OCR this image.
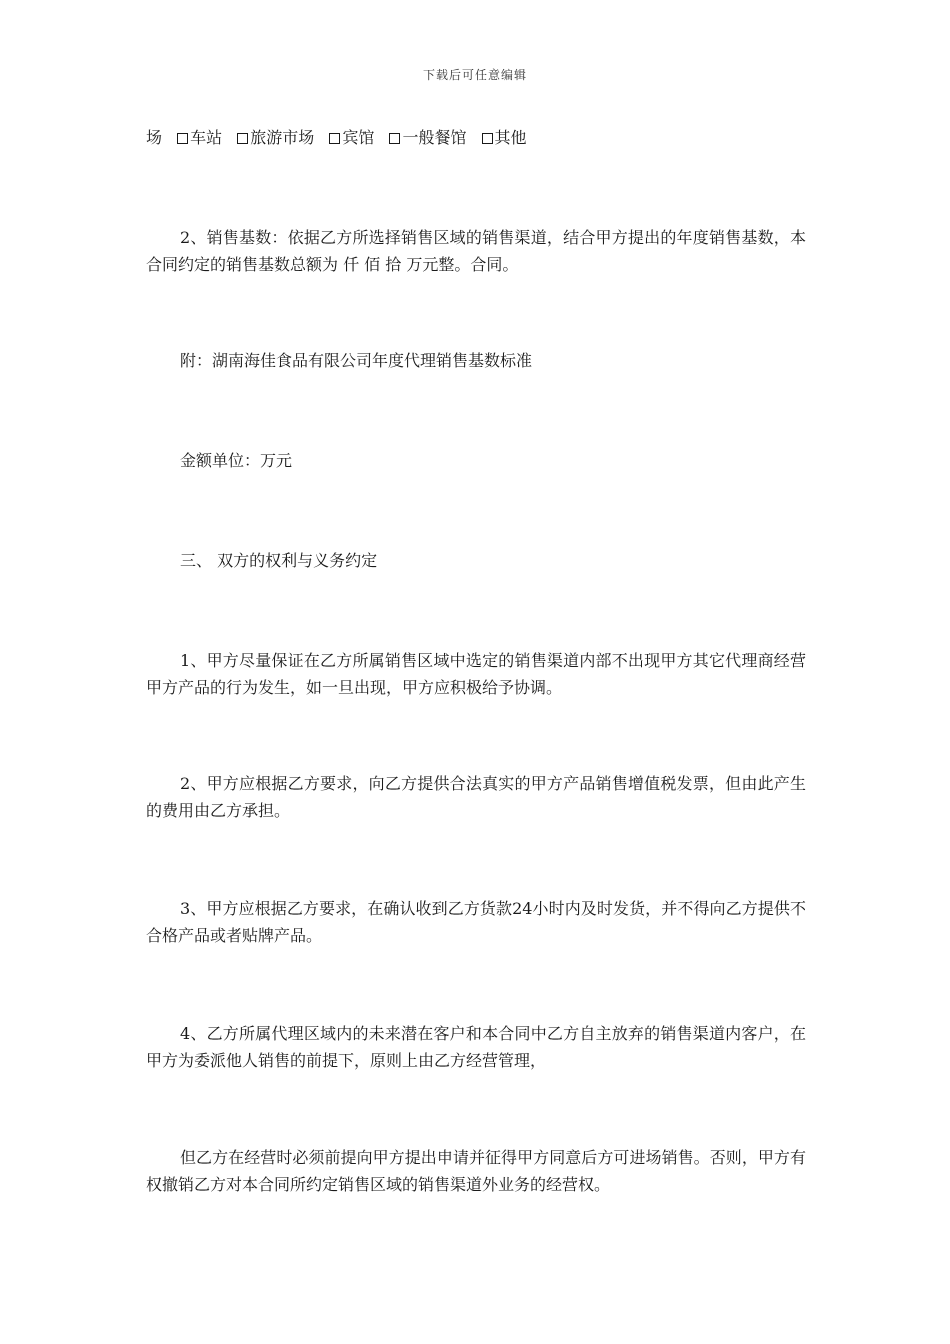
下载后可任意编辑
场 车站 旅游市场 宾馆 一般餐馆 其他
2、销售基数：依据乙方所选择销售区域的销售渠道，结合甲方提出的年度销售基数，本合同约定的销售基数总额为 仟 佰 拾 万元整。合同。
附：湖南海佳食品有限公司年度代理销售基数标准
金额单位：万元
三、 双方的权利与义务约定
1、甲方尽量保证在乙方所属销售区域中选定的销售渠道内部不出现甲方其它代理商经营甲方产品的行为发生，如一旦出现，甲方应积极给予协调。
2、甲方应根据乙方要求，向乙方提供合法真实的甲方产品销售增值税发票，但由此产生的费用由乙方承担。
3、甲方应根据乙方要求，在确认收到乙方货款24小时内及时发货，并不得向乙方提供不合格产品或者贴牌产品。
4、乙方所属代理区域内的未来潜在客户和本合同中乙方自主放弃的销售渠道内客户，在甲方为委派他人销售的前提下，原则上由乙方经营管理，
但乙方在经营时必须前提向甲方提出申请并征得甲方同意后方可进场销售。否则，甲方有权撤销乙方对本合同所约定销售区域的销售渠道外业务的经营权。
